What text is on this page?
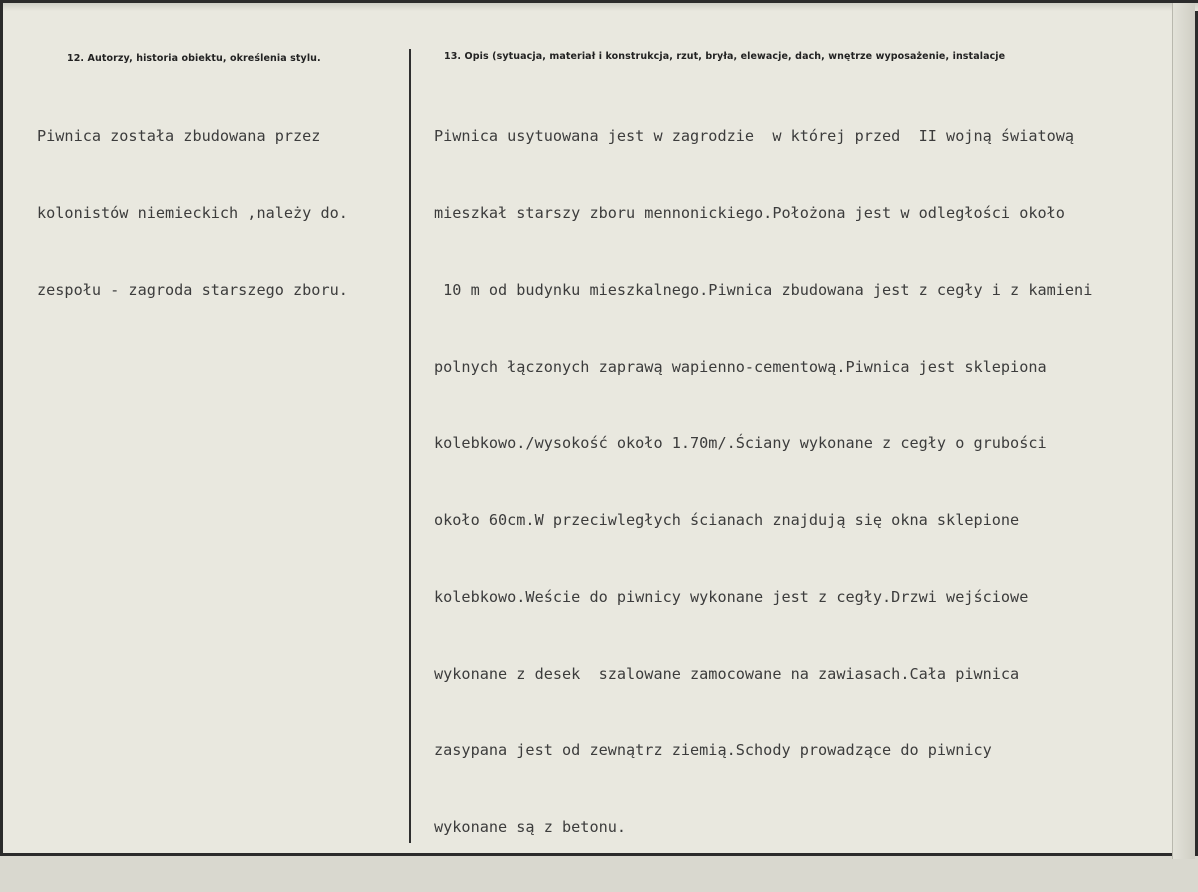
12. Autorzy, historia obiektu, określenia stylu.	13. Opis (sytuacja, materiał i konstrukcja, rzut, bryła, elewacje, dach, wnętrze wyposażenie, instalacje

Piwnica została zbudowana przez

kolonistów niemieckich ,należy do.

zespołu - zagroda starszego zboru.

Piwnica usytuowana jest w zagrodzie  w której przed  II wojną światową

mieszkał starszy zboru mennonickiego.Położona jest w odległości około

10 m od budynku mieszkalnego.Piwnica zbudowana jest z cegły i z kamieni

polnych łączonych zaprawą wapienno-cementową.Piwnica jest sklepiona

kolebkowo./wysokość około 1.70m/.Ściany wykonane z cegły o grubości

około 60cm.W przeciwległych ścianach znajdują się okna sklepione

kolebkowo.Weście do piwnicy wykonane jest z cegły.Drzwi wejściowe

wykonane z desek  szalowane zamocowane na zawiasach.Cała piwnica

zasypana jest od zewnątrz ziemią.Schody prowadzące do piwnicy

wykonane są z betonu.
